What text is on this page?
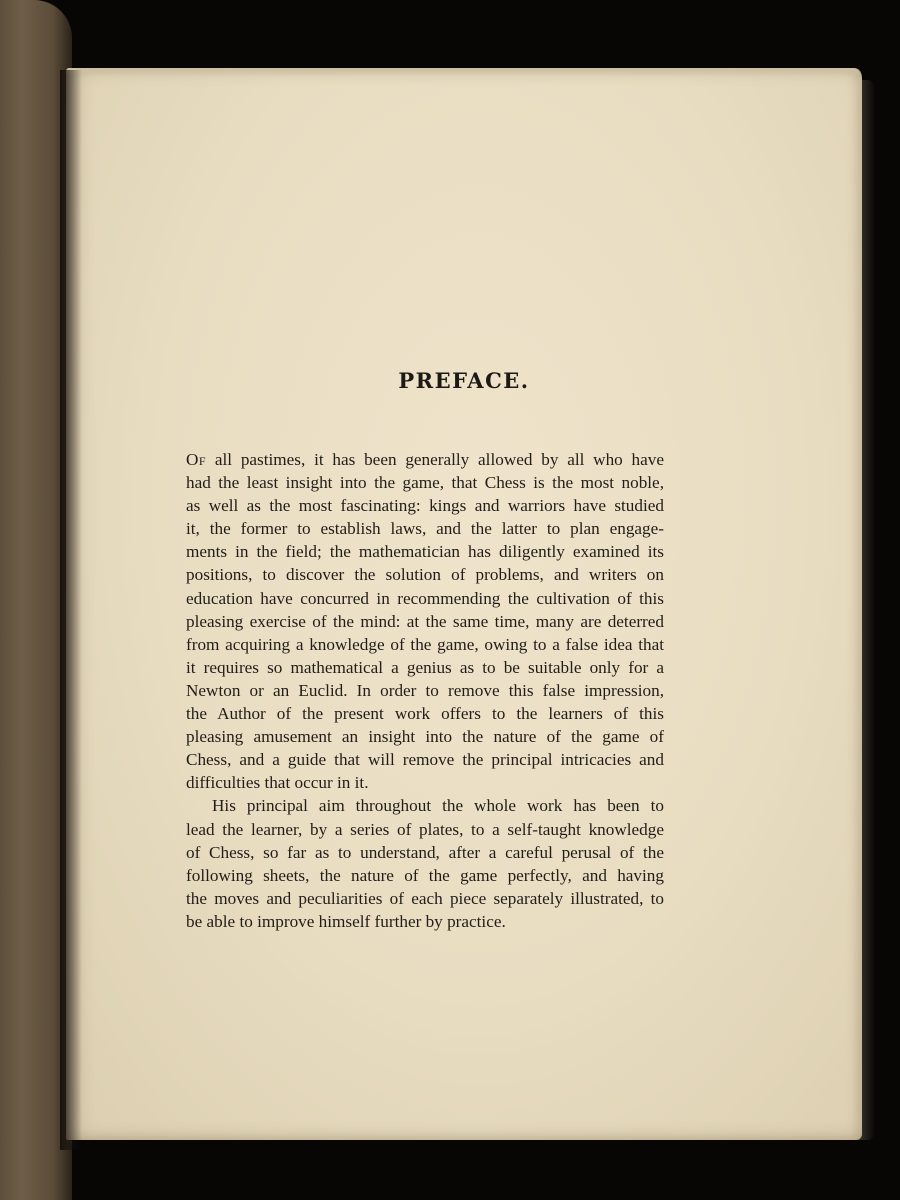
PREFACE.

Of all pastimes, it has been generally allowed by all who have
had the least insight into the game, that Chess is the most noble,
as well as the most fascinating: kings and warriors have studied
it, the former to establish laws, and the latter to plan engage-
ments in the field; the mathematician has diligently examined its
positions, to discover the solution of problems, and writers on
education have concurred in recommending the cultivation of this
pleasing exercise of the mind: at the same time, many are deterred
from acquiring a knowledge of the game, owing to a false idea that
it requires so mathematical a genius as to be suitable only for a
Newton or an Euclid. In order to remove this false impression,
the Author of the present work offers to the learners of this
pleasing amusement an insight into the nature of the game of
Chess, and a guide that will remove the principal intricacies and
difficulties that occur in it.

His principal aim throughout the whole work has been to
lead the learner, by a series of plates, to a self-taught knowledge
of Chess, so far as to understand, after a careful perusal of the
following sheets, the nature of the game perfectly, and having
the moves and peculiarities of each piece separately illustrated, to
be able to improve himself further by practice.
